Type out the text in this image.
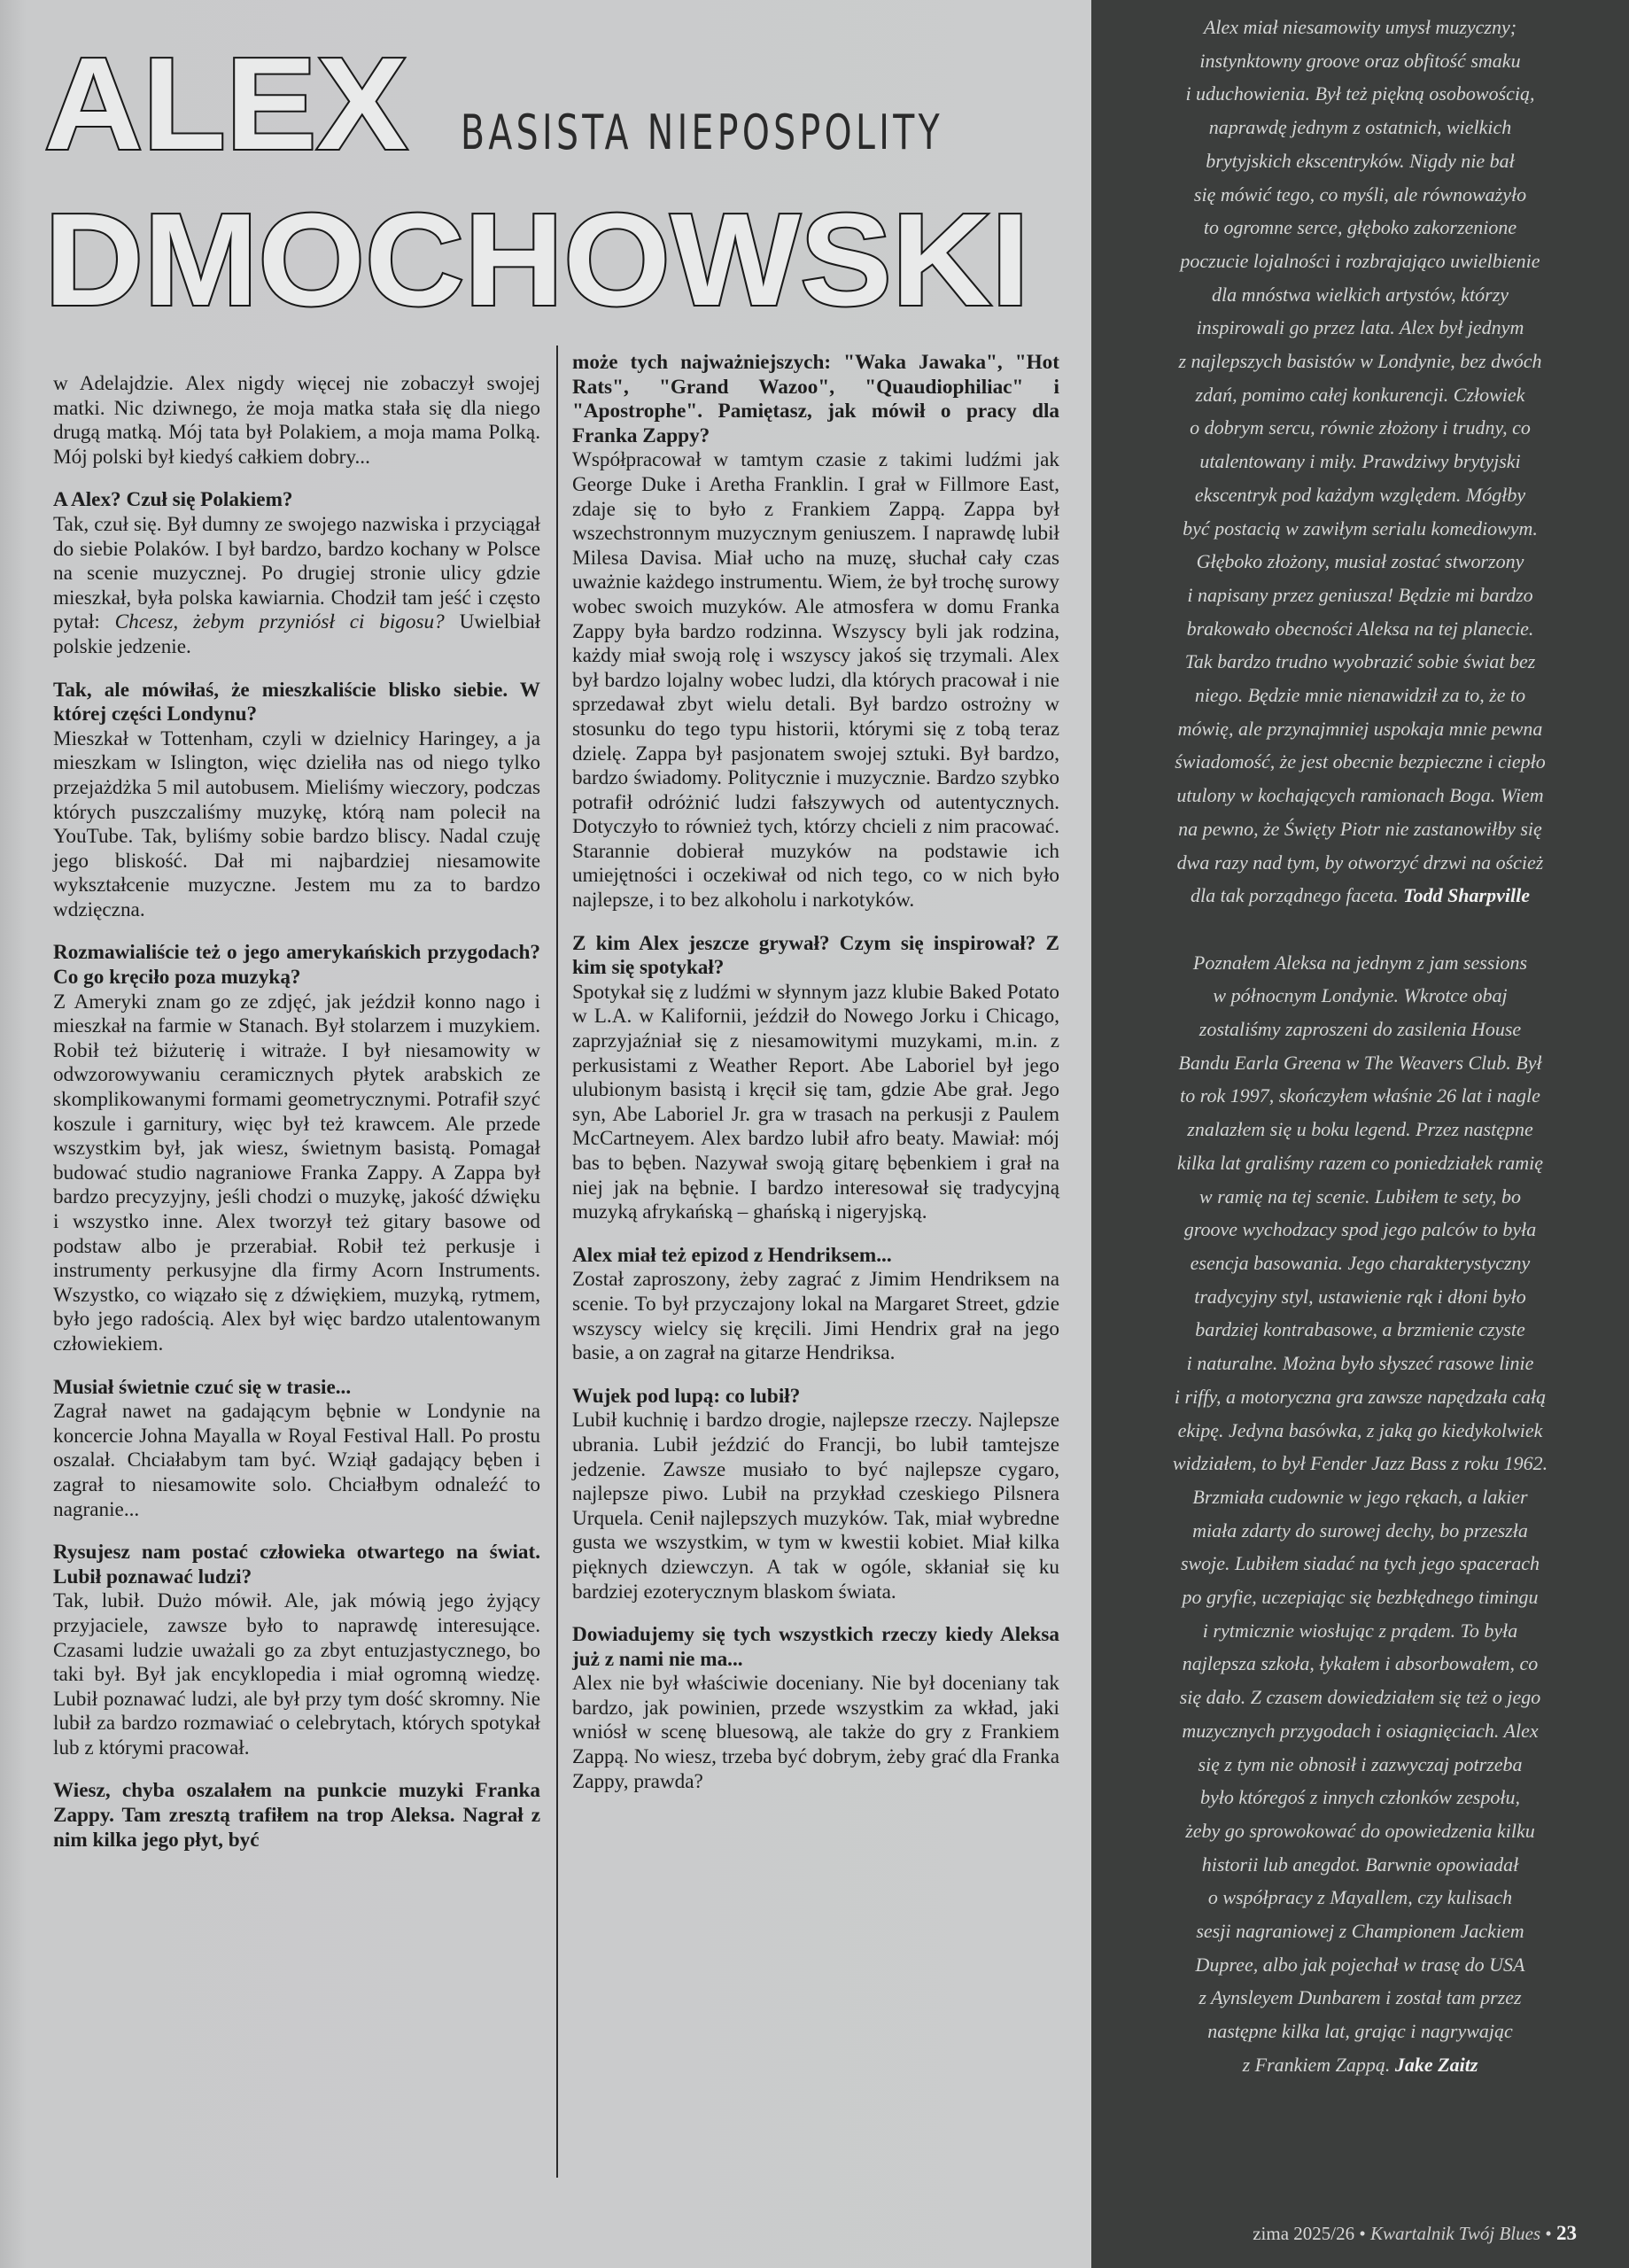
ALEX BASISTA NIEPOSPOLITY
DMOCHOWSKI

w Adelajdzie. Alex nigdy więcej nie zobaczył swojej matki. Nic dziwnego, że moja matka stała się dla niego drugą matką. Mój tata był Polakiem, a moja mama Polką. Mój polski był kiedyś całkiem dobry...

A Alex? Czuł się Polakiem?

Tak, czuł się. Był dumny ze swojego nazwiska i przyciągał do siebie Polaków. I był bardzo, bardzo kochany w Polsce na scenie muzycznej. Po drugiej stronie ulicy gdzie mieszkał, była polska kawiarnia. Chodził tam jeść i często pytał: Chcesz, żebym przyniósł ci bigosu? Uwielbiał polskie jedzenie.

Tak, ale mówiłaś, że mieszkaliście blisko siebie. W której części Londynu?

Mieszkał w Tottenham, czyli w dzielnicy Haringey, a ja mieszkam w Islington, więc dzieliła nas od niego tylko przejażdżka 5 mil autobusem. Mieliśmy wieczory, podczas których puszczaliśmy muzykę, którą nam polecił na YouTube. Tak, byliśmy sobie bardzo bliscy. Nadal czuję jego bliskość. Dał mi najbardziej niesamowite wykształcenie muzyczne. Jestem mu za to bardzo wdzięczna.

Rozmawialiście też o jego amerykańskich przygodach? Co go kręciło poza muzyką?

Z Ameryki znam go ze zdjęć, jak jeździł konno nago i mieszkał na farmie w Stanach. Był stolarzem i muzykiem. Robił też biżuterię i witraże. I był niesamowity w odwzorowywaniu ceramicznych płytek arabskich ze skomplikowanymi formami geometrycznymi. Potrafił szyć koszule i garnitury, więc był też krawcem. Ale przede wszystkim był, jak wiesz, świetnym basistą. Pomagał budować studio nagraniowe Franka Zappy. A Zappa był bardzo precyzyjny, jeśli chodzi o muzykę, jakość dźwięku i wszystko inne. Alex tworzył też gitary basowe od podstaw albo je przerabiał. Robił też perkusje i instrumenty perkusyjne dla firmy Acorn Instruments. Wszystko, co wiązało się z dźwiękiem, muzyką, rytmem, było jego radością. Alex był więc bardzo utalentowanym człowiekiem.

Musiał świetnie czuć się w trasie...

Zagrał nawet na gadającym bębnie w Londynie na koncercie Johna Mayalla w Royal Festival Hall. Po prostu oszalał. Chciałabym tam być. Wziął gadający bęben i zagrał to niesamowite solo. Chciałbym odnaleźć to nagranie...

Rysujesz nam postać człowieka otwartego na świat. Lubił poznawać ludzi?

Tak, lubił. Dużo mówił. Ale, jak mówią jego żyjący przyjaciele, zawsze było to naprawdę interesujące. Czasami ludzie uważali go za zbyt entuzjastycznego, bo taki był. Był jak encyklopedia i miał ogromną wiedzę. Lubił poznawać ludzi, ale był przy tym dość skromny. Nie lubił za bardzo rozmawiać o celebrytach, których spotykał lub z którymi pracował.

Wiesz, chyba oszalałem na punkcie muzyki Franka Zappy. Tam zresztą trafiłem na trop Aleksa. Nagrał z nim kilka jego płyt, być

może tych najważniejszych: "Waka Jawaka", "Hot Rats", "Grand Wazoo", "Quaudiophiliac" i "Apostrophe". Pamiętasz, jak mówił o pracy dla Franka Zappy?

Współpracował w tamtym czasie z takimi ludźmi jak George Duke i Aretha Franklin. I grał w Fillmore East, zdaje się to było z Frankiem Zappą. Zappa był wszechstronnym muzycznym geniuszem. I naprawdę lubił Milesa Davisa. Miał ucho na muzę, słuchał cały czas uważnie każdego instrumentu. Wiem, że był trochę surowy wobec swoich muzyków. Ale atmosfera w domu Franka Zappy była bardzo rodzinna. Wszyscy byli jak rodzina, każdy miał swoją rolę i wszyscy jakoś się trzymali. Alex był bardzo lojalny wobec ludzi, dla których pracował i nie sprzedawał zbyt wielu detali. Był bardzo ostrożny w stosunku do tego typu historii, którymi się z tobą teraz dzielę. Zappa był pasjonatem swojej sztuki. Był bardzo, bardzo świadomy. Politycznie i muzycznie. Bardzo szybko potrafił odróżnić ludzi fałszywych od autentycznych. Dotyczyło to również tych, którzy chcieli z nim pracować. Starannie dobierał muzyków na podstawie ich umiejętności i oczekiwał od nich tego, co w nich było najlepsze, i to bez alkoholu i narkotyków.

Z kim Alex jeszcze grywał? Czym się inspirował? Z kim się spotykał?

Spotykał się z ludźmi w słynnym jazz klubie Baked Potato w L.A. w Kalifornii, jeździł do Nowego Jorku i Chicago, zaprzyjaźniał się z niesamowitymi muzykami, m.in. z perkusistami z Weather Report. Abe Laboriel był jego ulubionym basistą i kręcił się tam, gdzie Abe grał. Jego syn, Abe Laboriel Jr. gra w trasach na perkusji z Paulem McCartneyem. Alex bardzo lubił afro beaty. Mawiał: mój bas to bęben. Nazywał swoją gitarę bębenkiem i grał na niej jak na bębnie. I bardzo interesował się tradycyjną muzyką afrykańską – ghańską i nigeryjską.

Alex miał też epizod z Hendriksem...

Został zaproszony, żeby zagrać z Jimim Hendriksem na scenie. To był przyczajony lokal na Margaret Street, gdzie wszyscy wielcy się kręcili. Jimi Hendrix grał na jego basie, a on zagrał na gitarze Hendriksa.

Wujek pod lupą: co lubił?

Lubił kuchnię i bardzo drogie, najlepsze rzeczy. Najlepsze ubrania. Lubił jeździć do Francji, bo lubił tamtejsze jedzenie. Zawsze musiało to być najlepsze cygaro, najlepsze piwo. Lubił na przykład czeskiego Pilsnera Urquela. Cenił najlepszych muzyków. Tak, miał wybredne gusta we wszystkim, w tym w kwestii kobiet. Miał kilka pięknych dziewczyn. A tak w ogóle, skłaniał się ku bardziej ezoterycznym blaskom świata.

Dowiadujemy się tych wszystkich rzeczy kiedy Aleksa już z nami nie ma...

Alex nie był właściwie doceniany. Nie był doceniany tak bardzo, jak powinien, przede wszystkim za wkład, jaki wniósł w scenę bluesową, ale także do gry z Frankiem Zappą. No wiesz, trzeba być dobrym, żeby grać dla Franka Zappy, prawda?

Alex miał niesamowity umysł muzyczny;
instynktowny groove oraz obfitość smaku
i uduchowienia. Był też piękną osobowością,
naprawdę jednym z ostatnich, wielkich
brytyjskich ekscentryków. Nigdy nie bał
się mówić tego, co myśli, ale równoważyło
to ogromne serce, głęboko zakorzenione
poczucie lojalności i rozbrajająco uwielbienie
dla mnóstwa wielkich artystów, którzy
inspirowali go przez lata. Alex był jednym
z najlepszych basistów w Londynie, bez dwóch
zdań, pomimo całej konkurencji. Człowiek
o dobrym sercu, równie złożony i trudny, co
utalentowany i miły. Prawdziwy brytyjski
ekscentryk pod każdym względem. Mógłby
być postacią w zawiłym serialu komediowym.
Głęboko złożony, musiał zostać stworzony
i napisany przez geniusza! Będzie mi bardzo
brakowało obecności Aleksa na tej planecie.
Tak bardzo trudno wyobrazić sobie świat bez
niego. Będzie mnie nienawidził za to, że to
mówię, ale przynajmniej uspokaja mnie pewna
świadomość, że jest obecnie bezpieczne i ciepło
utulony w kochających ramionach Boga. Wiem
na pewno, że Święty Piotr nie zastanowiłby się
dwa razy nad tym, by otworzyć drzwi na oścież
dla tak porządnego faceta. Todd Sharpville
Poznałem Aleksa na jednym z jam sessions
w północnym Londynie. Wkrotce obaj
zostaliśmy zaproszeni do zasilenia House
Bandu Earla Greena w The Weavers Club. Był
to rok 1997, skończyłem właśnie 26 lat i nagle
znalazłem się u boku legend. Przez następne
kilka lat graliśmy razem co poniedziałek ramię
w ramię na tej scenie. Lubiłem te sety, bo
groove wychodzacy spod jego palców to była
esencja basowania. Jego charakterystyczny
tradycyjny styl, ustawienie rąk i dłoni było
bardziej kontrabasowe, a brzmienie czyste
i naturalne. Można było słyszeć rasowe linie
i riffy, a motoryczna gra zawsze napędzała całą
ekipę. Jedyna basówka, z jaką go kiedykolwiek
widziałem, to był Fender Jazz Bass z roku 1962.
Brzmiała cudownie w jego rękach, a lakier
miała zdarty do surowej dechy, bo przeszła
swoje. Lubiłem siadać na tych jego spacerach
po gryfie, uczepiając się bezbłędnego timingu
i rytmicznie wiosłując z prądem. To była
najlepsza szkoła, łykałem i absorbowałem, co
się dało. Z czasem dowiedziałem się też o jego
muzycznych przygodach i osiagnięciach. Alex
się z tym nie obnosił i zazwyczaj potrzeba
było któregoś z innych członków zespołu,
żeby go sprowokować do opowiedzenia kilku
historii lub anegdot. Barwnie opowiadał
o współpracy z Mayallem, czy kulisach
sesji nagraniowej z Championem Jackiem
Dupree, albo jak pojechał w trasę do USA
z Aynsleyem Dunbarem i został tam przez
następne kilka lat, grając i nagrywając
z Frankiem Zappą. Jake Zaitz
zima 2025/26 • Kwartalnik Twój Blues • 23
